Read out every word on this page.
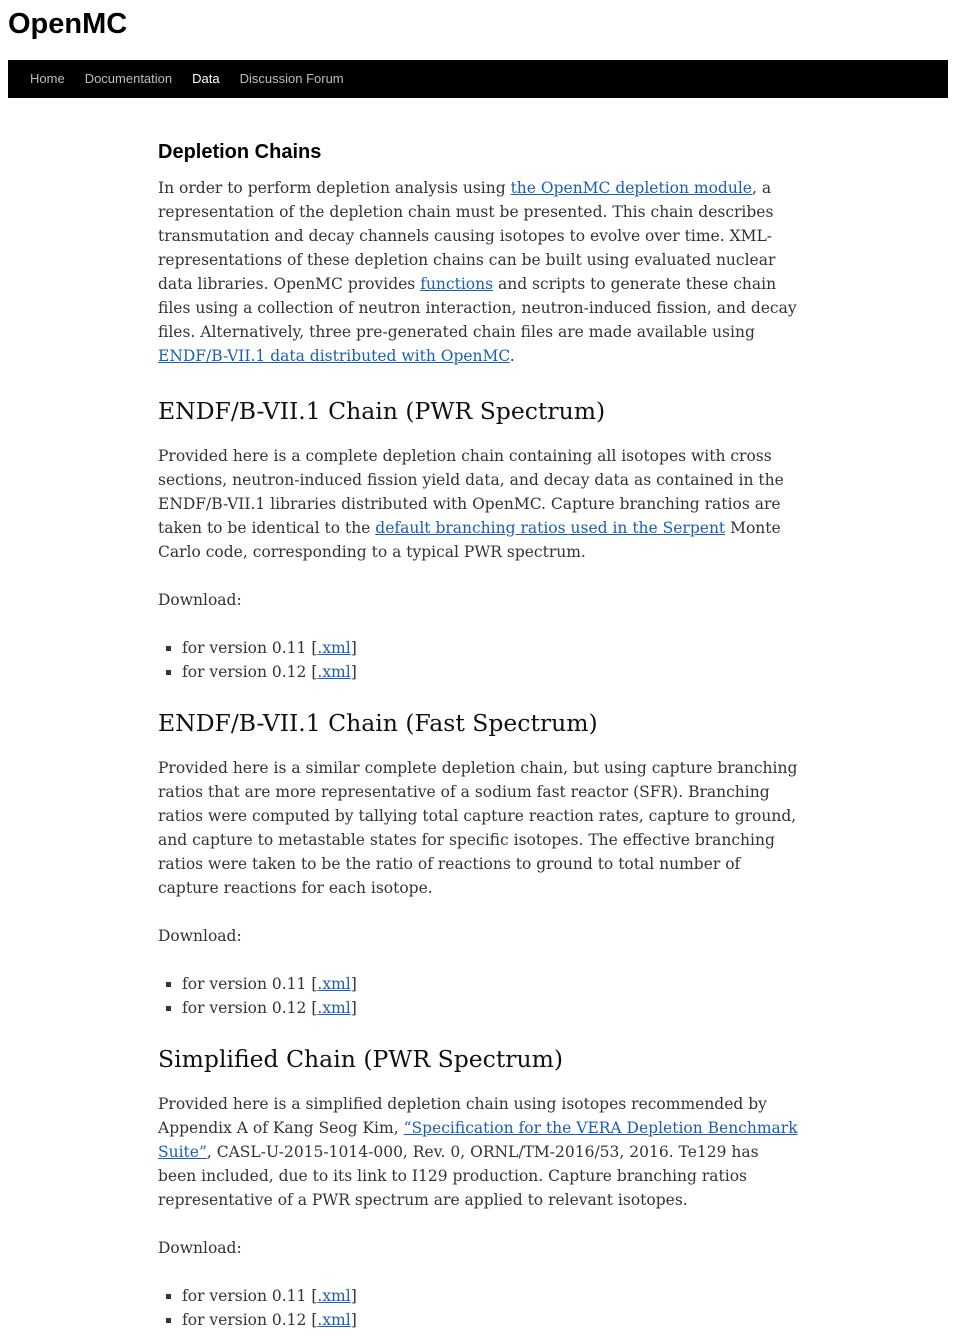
OpenMC
Home Documentation Data Discussion Forum
Depletion Chains

In order to perform depletion analysis using the OpenMC depletion module, a representation of the depletion chain must be presented. This chain describes transmutation and decay channels causing isotopes to evolve over time. XML-representations of these depletion chains can be built using evaluated nuclear data libraries. OpenMC provides functions and scripts to generate these chain files using a collection of neutron interaction, neutron-induced fission, and decay files. Alternatively, three pre-generated chain files are made available using ENDF/B-VII.1 data distributed with OpenMC.

ENDF/B-VII.1 Chain (PWR Spectrum)

Provided here is a complete depletion chain containing all isotopes with cross sections, neutron-induced fission yield data, and decay data as contained in the ENDF/B-VII.1 libraries distributed with OpenMC. Capture branching ratios are taken to be identical to the default branching ratios used in the Serpent Monte Carlo code, corresponding to a typical PWR spectrum.

Download:

▪ for version 0.11 [.xml]
▪ for version 0.12 [.xml]
ENDF/B-VII.1 Chain (Fast Spectrum)

Provided here is a similar complete depletion chain, but using capture branching ratios that are more representative of a sodium fast reactor (SFR). Branching ratios were computed by tallying total capture reaction rates, capture to ground, and capture to metastable states for specific isotopes. The effective branching ratios were taken to be the ratio of reactions to ground to total number of capture reactions for each isotope.

Download:

▪ for version 0.11 [.xml]
▪ for version 0.12 [.xml]
Simplified Chain (PWR Spectrum)

Provided here is a simplified depletion chain using isotopes recommended by Appendix A of Kang Seog Kim, “Specification for the VERA Depletion Benchmark Suite”, CASL-U-2015-1014-000, Rev. 0, ORNL/TM-2016/53, 2016. Te129 has been included, due to its link to I129 production. Capture branching ratios representative of a PWR spectrum are applied to relevant isotopes.

Download:

▪ for version 0.11 [.xml]
▪ for version 0.12 [.xml]
